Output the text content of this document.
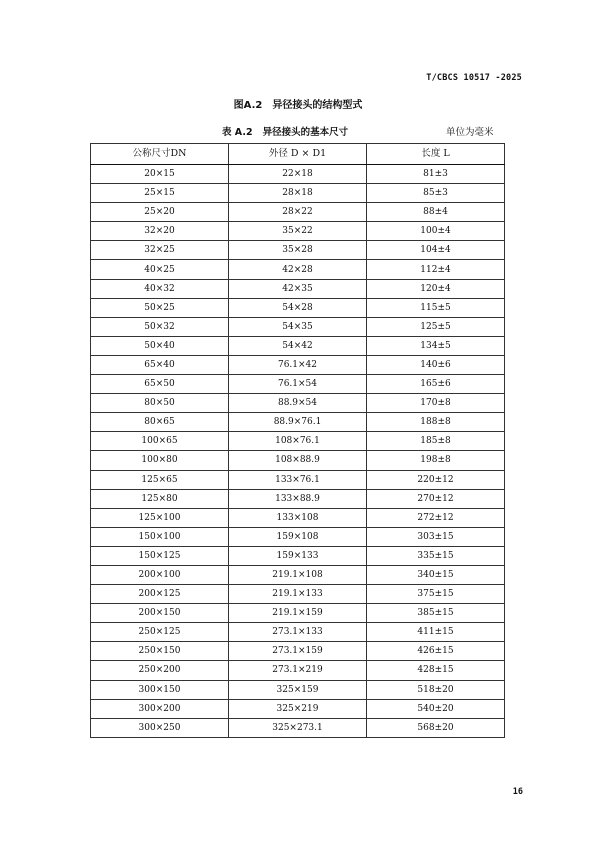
T/CBCS 10517 -2025
图A.2 异径接头的结构型式
表 A.2 异径接头的基本尺寸	单位为毫米
公称尺寸DN	外径 D × D1	长度 L
20×15	22×18	81±3
25×15	28×18	85±3
25×20	28×22	88±4
32×20	35×22	100±4
32×25	35×28	104±4
40×25	42×28	112±4
40×32	42×35	120±4
50×25	54×28	115±5
50×32	54×35	125±5
50×40	54×42	134±5
65×40	76.1×42	140±6
65×50	76.1×54	165±6
80×50	88.9×54	170±8
80×65	88.9×76.1	188±8
100×65	108×76.1	185±8
100×80	108×88.9	198±8
125×65	133×76.1	220±12
125×80	133×88.9	270±12
125×100	133×108	272±12
150×100	159×108	303±15
150×125	159×133	335±15
200×100	219.1×108	340±15
200×125	219.1×133	375±15
200×150	219.1×159	385±15
250×125	273.1×133	411±15
250×150	273.1×159	426±15
250×200	273.1×219	428±15
300×150	325×159	518±20
300×200	325×219	540±20
300×250	325×273.1	568±20
16
